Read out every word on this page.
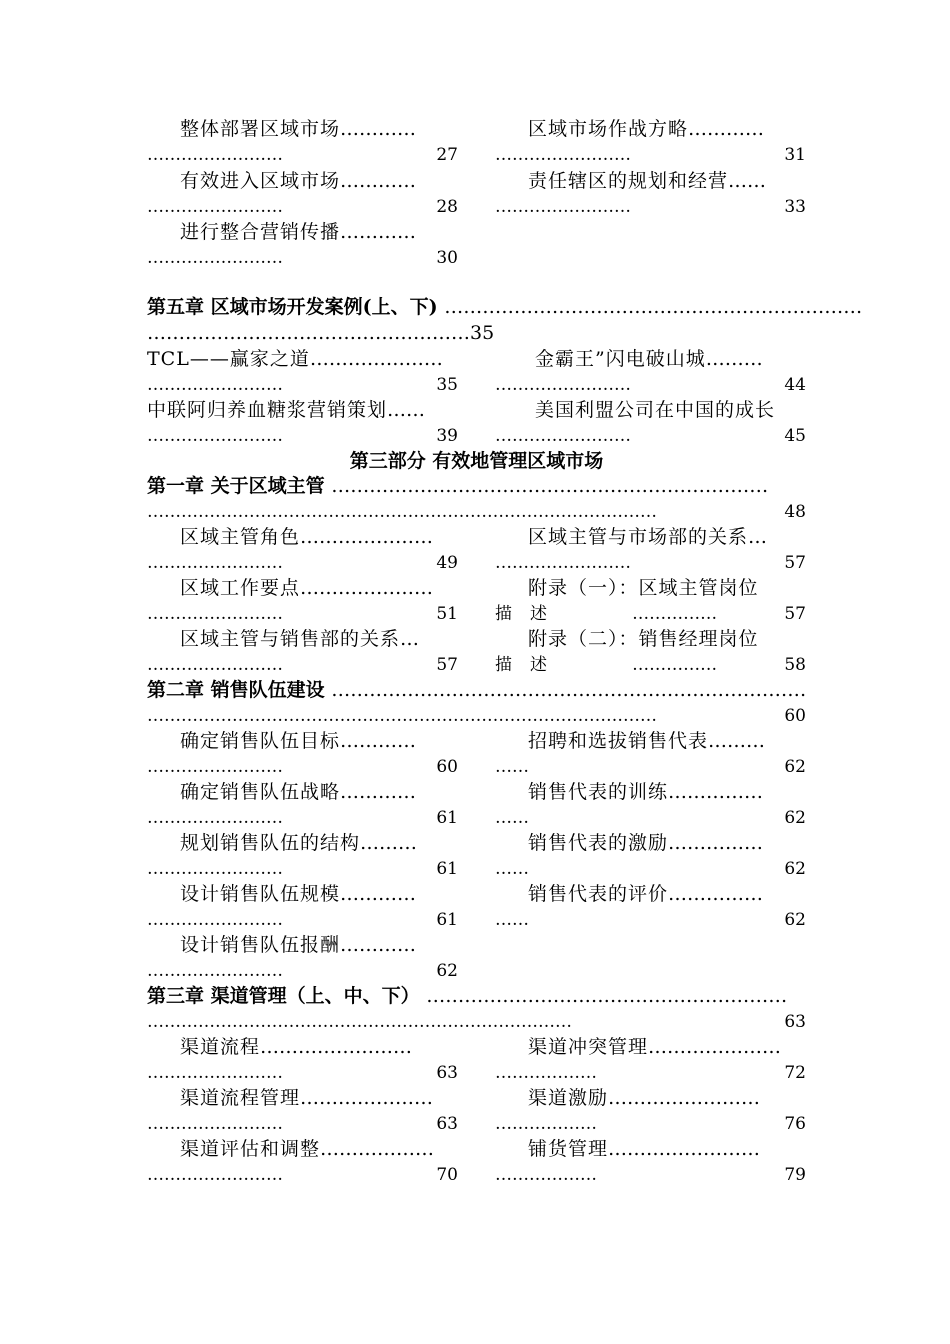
整体部署区域市场…………
……………………	27
区域市场作战方略…………
……………………	31
有效进入区域市场…………
……………………	28
责任辖区的规划和经营……
……………………	33
进行整合营销传播…………
……………………	30
第五章 区域市场开发案例(上、下) …………………………………………………………
……………………………………………35
TCL——赢家之道…………………
……………………	35
金霸王”闪电破山城………
……………………	44
中联阿归养血糖浆营销策划……
……………………	39
美国利盟公司在中国的成长
……………………	45
第三部分 有效地管理区域市场
第一章 关于区域主管 ……………………………………………………………
………………………………………………………………………………	48
区域主管角色…………………
……………………	49
区域主管与市场部的关系…
……………………	57
区域工作要点…………………
……………………	51
附录（一）：区域主管岗位
描述	……………	57
区域主管与销售部的关系…
……………………	57
附录（二）：销售经理岗位
描述	……………	58
第二章 销售队伍建设 …………………………………………………………………
………………………………………………………………………………	60
确定销售队伍目标…………
……………………	60
招聘和选拔销售代表………
……	62
确定销售队伍战略…………
……………………	61
销售代表的训练……………
……	62
规划销售队伍的结构………
……………………	61
销售代表的激励……………
……	62
设计销售队伍规模…………
……………………	61
销售代表的评价……………
……	62
设计销售队伍报酬…………
……………………	62
第三章 渠道管理（上、中、下） …………………………………………………
…………………………………………………………………	63
渠道流程……………………
……………………	63
渠道冲突管理…………………
………………	72
渠道流程管理…………………
……………………	63
渠道激励……………………
………………	76
渠道评估和调整………………
……………………	70
铺货管理……………………
………………	79
